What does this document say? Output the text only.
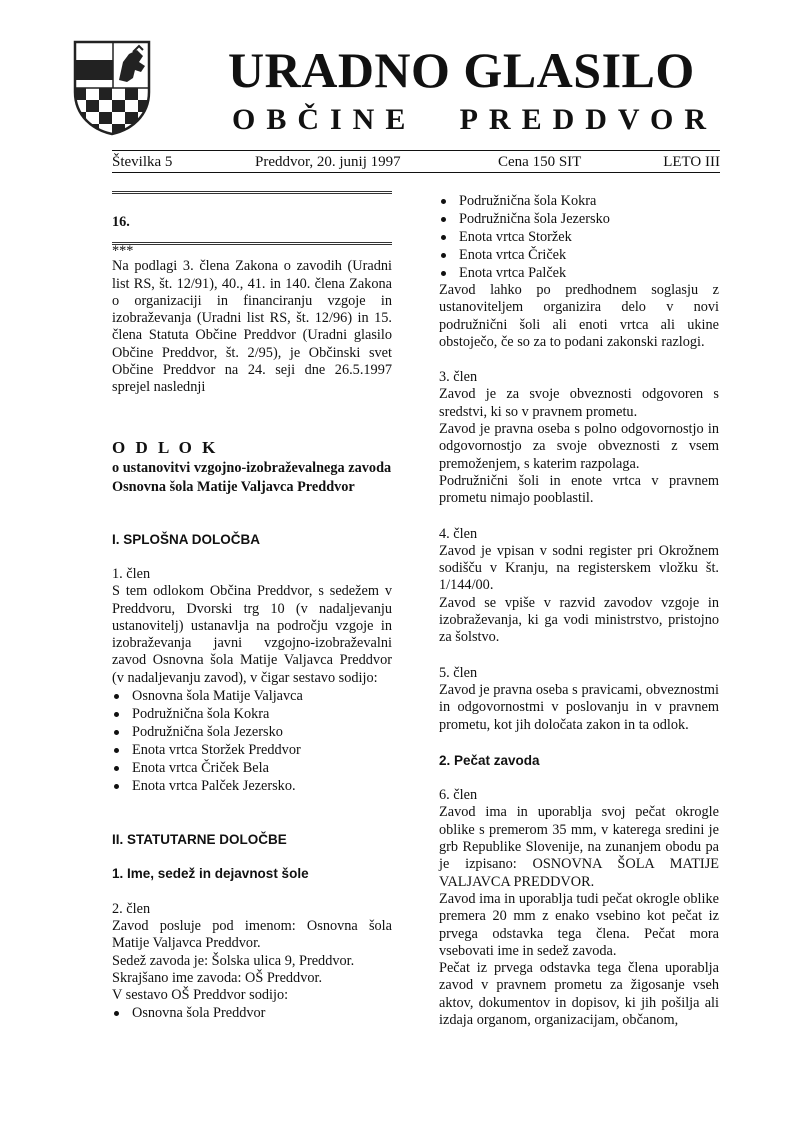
URADNO GLASILO
OBČINE PREDDVOR
Številka 5	Preddvor, 20. junij 1997	Cena 150 SIT	LETO III

16.

***

Na podlagi 3. člena Zakona o zavodih (Uradni list RS, št. 12/91), 40., 41. in 140. člena Zakona o organizaciji in financiranju vzgoje in izobraževanja (Uradni list RS, št. 12/96) in 15. člena Statuta Občine Preddvor (Uradni glasilo Občine Preddvor, št. 2/95), je Občinski svet Občine Preddvor na 24. seji dne 26.5.1997 sprejel naslednji

O D L O K

o ustanovitvi vzgojno-izobraževalnega zavoda

Osnovna šola Matije Valjavca Preddvor

I. SPLOŠNA DOLOČBA

1. člen

S tem odlokom Občina Preddvor, s sedežem v Preddvoru, Dvorski trg 10 (v nadaljevanju ustanovitelj) ustanavlja na področju vzgoje in izobraževanja javni vzgojno-izobraževalni zavod Osnovna šola Matije Valjavca Preddvor (v nadaljevanju zavod), v čigar sestavo sodijo:

Osnovna šola Matije Valjavca
Podružnična šola Kokra
Podružnična šola Jezersko
Enota vrtca Storžek Preddvor
Enota vrtca Čriček Bela
Enota vrtca Palček Jezersko.

II. STATUTARNE DOLOČBE

1. Ime, sedež in dejavnost šole

2. člen

Zavod posluje pod imenom: Osnovna šola Matije Valjavca Preddvor.

Sedež zavoda je: Šolska ulica 9, Preddvor.

Skrajšano ime zavoda: OŠ Preddvor.

V sestavo OŠ Preddvor sodijo:

Osnovna šola Preddvor
Podružnična šola Kokra
Podružnična šola Jezersko
Enota vrtca Storžek
Enota vrtca Čriček
Enota vrtca Palček

Zavod lahko po predhodnem soglasju z ustanoviteljem organizira delo v novi podružnični šoli ali enoti vrtca ali ukine obstoječo, če so za to podani zakonski razlogi.

3. člen

Zavod je za svoje obveznosti odgovoren s sredstvi, ki so v pravnem prometu.

Zavod je pravna oseba s polno odgovornostjo in odgovornostjo za svoje obveznosti z vsem premoženjem, s katerim razpolaga.

Podružnični šoli in enote vrtca v pravnem prometu nimajo pooblastil.

4. člen

Zavod je vpisan v sodni register pri Okrožnem sodišču v Kranju, na registerskem vložku št. 1/144/00.

Zavod se vpiše v razvid zavodov vzgoje in izobraževanja, ki ga vodi ministrstvo, pristojno za šolstvo.

5. člen

Zavod je pravna oseba s pravicami, obveznostmi in odgovornostmi v poslovanju in v pravnem prometu, kot jih določata zakon in ta odlok.

2. Pečat zavoda

6. člen

Zavod ima in uporablja svoj pečat okrogle oblike s premerom 35 mm, v katerega sredini je grb Republike Slovenije, na zunanjem obodu pa je izpisano: OSNOVNA ŠOLA MATIJE VALJAVCA PREDDVOR.

Zavod ima in uporablja tudi pečat okrogle oblike premera 20 mm z enako vsebino kot pečat iz prvega odstavka tega člena. Pečat mora vsebovati ime in sedež zavoda.

Pečat iz prvega odstavka tega člena uporablja zavod v pravnem prometu za žigosanje vseh aktov, dokumentov in dopisov, ki jih pošilja ali izdaja organom, organizacijam, občanom,
